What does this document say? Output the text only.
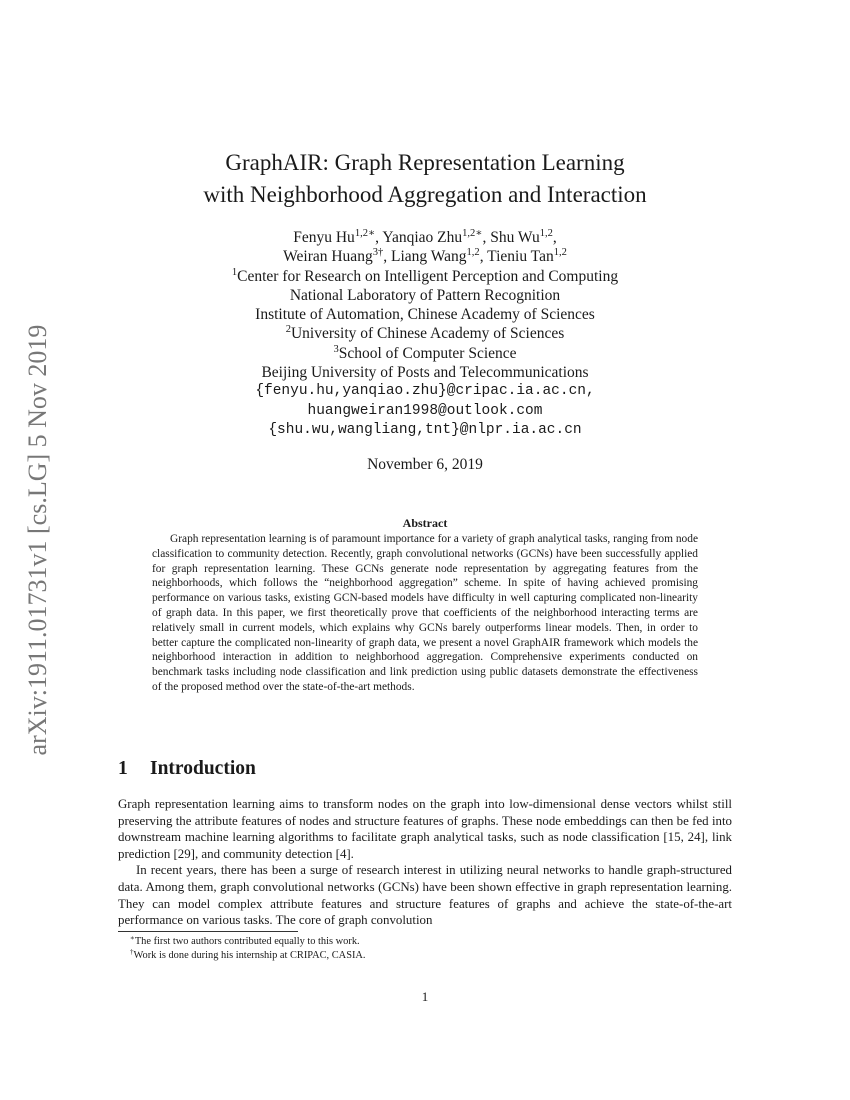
arXiv:1911.01731v1 [cs.LG] 5 Nov 2019
GraphAIR: Graph Representation Learning
with Neighborhood Aggregation and Interaction
Fenyu $Hu^{1,2∗}$, Yanqiao Zhu$^{1,2∗}$, Shu Wu$^{1,2}$,
Weiran Huang$^{3\dagger}$, Liang Wang$^{1,2}$, Tieniu Tan$^{1,2}$
$^1$Center for Research on Intelligent Perception and Computing
National Laboratory of Pattern Recognition
Institute of Automation, Chinese Academy of Sciences
$^2$University of Chinese Academy of Sciences
$^3$School of Computer Science
Beijing University of Posts and Telecommunications
{fenyu.hu,yanqiao.zhu}@cripac.ia.ac.cn,
huangweiran1998@outlook.com
{shu.wu,wangliang,tnt}@nlpr.ia.ac.cn
November 6, 2019
Abstract

Graph representation learning is of paramount importance for a variety of graph analytical tasks, ranging from node classification to community detection. Recently, graph convolutional networks (GCNs) have been successfully applied for graph representation learning. These GCNs generate node representation by aggregating features from the neighborhoods, which follows the “neighborhood aggregation” scheme. In spite of having achieved promising performance on various tasks, existing GCN-based models have difficulty in well capturing complicated non-linearity of graph data. In this paper, we first theoretically prove that coefficients of the neighborhood interacting terms are relatively small in current models, which explains why GCNs barely outperforms linear models. Then, in order to better capture the complicated non-linearity of graph data, we present a novel GraphAIR framework which models the neighborhood interaction in addition to neighborhood aggregation. Comprehensive experiments conducted on benchmark tasks including node classification and link prediction using public datasets demonstrate the effectiveness of the proposed method over the state-of-the-art methods.

1 Introduction

Graph representation learning aims to transform nodes on the graph into low-dimensional dense vectors whilst still preserving the attribute features of nodes and structure features of graphs. These node embeddings can then be fed into downstream machine learning algorithms to facilitate graph analytical tasks, such as node classification [15, 24], link prediction [29], and community detection [4].

In recent years, there has been a surge of research interest in utilizing neural networks to handle graph-structured data. Among them, graph convolutional networks (GCNs) have been shown effective in graph representation learning. They can model complex attribute features and structure features of graphs and achieve the state-of-the-art performance on various tasks. The core of graph convolution

∗The first two authors contributed equally to this work.
†Work is done during his internship at CRIPAC, CASIA.
1
